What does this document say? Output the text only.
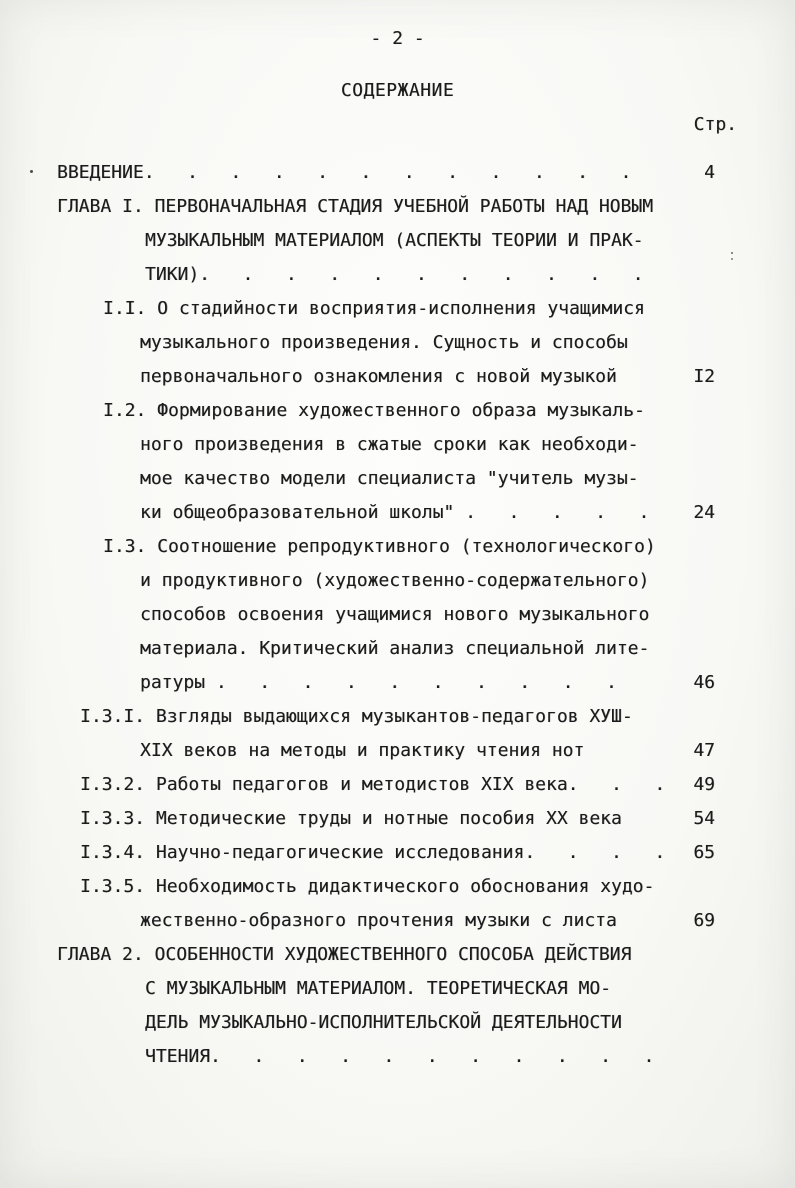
- 2 -
СОДЕРЖАНИЕ
Стр.
ВВЕДЕНИЕ.   .   .   .   .   .   .   .   .   .   .   .	4
ГЛАВА I. ПЕРВОНАЧАЛЬНАЯ СТАДИЯ УЧЕБНОЙ РАБОТЫ НАД НОВЫМ
МУЗЫКАЛЬНЫМ МАТЕРИАЛОМ (АСПЕКТЫ ТЕОРИИ И ПРАК-
ТИКИ).   .   .   .   .   .   .   .   .   .   .
I.I. О стадийности восприятия-исполнения учащимися
музыкального произведения. Сущность и способы
первоначального ознакомления с новой музыкой	I2
I.2. Формирование художественного образа музыкаль-
ного произведения в сжатые сроки как необходи-
мое качество модели специалиста "учитель музы-
ки общеобразовательной школы" .   .   .   .   .	24
I.3. Соотношение репродуктивного (технологического)
и продуктивного (художественно-содержательного)
способов освоения учащимися нового музыкального
материала. Критический анализ специальной лите-
ратуры .   .   .   .   .   .   .   .   .   .	46
I.3.I. Взгляды выдающихся музыкантов-педагогов ХУШ-
XIX веков на методы и практику чтения нот	47
I.3.2. Работы педагогов и методистов XIX века.   .   .	49
I.3.3. Методические труды и нотные пособия XX века	54
I.3.4. Научно-педагогические исследования.   .   .   .	65
I.3.5. Необходимость дидактического обоснования худо-
жественно-образного прочтения музыки с листа	69
ГЛАВА 2. ОСОБЕННОСТИ ХУДОЖЕСТВЕННОГО СПОСОБА ДЕЙСТВИЯ
С МУЗЫКАЛЬНЫМ МАТЕРИАЛОМ. ТЕОРЕТИЧЕСКАЯ МО-
ДЕЛЬ МУЗЫКАЛЬНО-ИСПОЛНИТЕЛЬСКОЙ ДЕЯТЕЛЬНОСТИ
ЧТЕНИЯ.   .   .   .   .   .   .   .   .   .   .
